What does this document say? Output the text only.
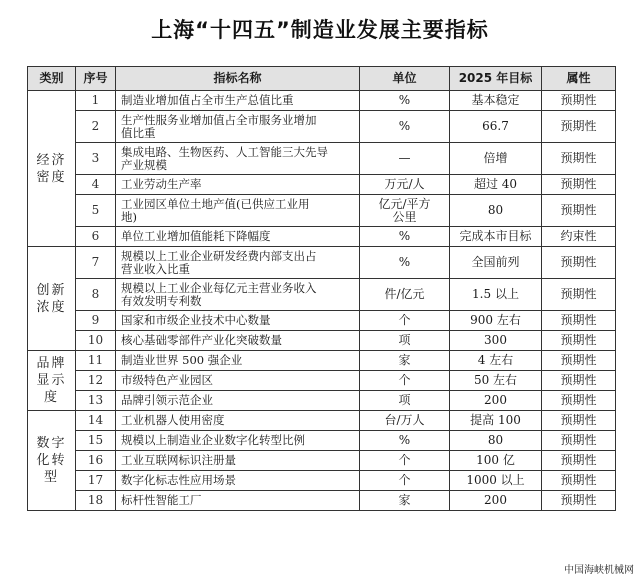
上海“十四五”制造业发展主要指标
类别	序号	指标名称	单位	2025 年目标	属性
经济
密度	1	制造业增加值占全市生产总值比重	%	基本稳定	预期性
	2	生产性服务业增加值占全市服务业增加
值比重	%	66.7	预期性
	3	集成电路、生物医药、人工智能三大先导
产业规模	—	倍增	预期性
	4	工业劳动生产率	万元/人	超过 40	预期性
	5	工业园区单位土地产值(已供应工业用
地)	亿元/平方
公里	80	预期性
	6	单位工业增加值能耗下降幅度	%	完成本市目标	约束性
创新
浓度	7	规模以上工业企业研发经费内部支出占
营业收入比重	%	全国前列	预期性
	8	规模以上工业企业每亿元主营业务收入
有效发明专利数	件/亿元	1.5 以上	预期性
	9	国家和市级企业技术中心数量	个	900 左右	预期性
	10	核心基础零部件产业化突破数量	项	300	预期性
品牌
显示
度	11	制造业世界 500 强企业	家	4 左右	预期性
	12	市级特色产业园区	个	50 左右	预期性
	13	品牌引领示范企业	项	200	预期性
数字
化转
型	14	工业机器人使用密度	台/万人	提高 100	预期性
	15	规模以上制造业企业数字化转型比例	%	80	预期性
	16	工业互联网标识注册量	个	100 亿	预期性
	17	数字化标志性应用场景	个	1000 以上	预期性
	18	标杆性智能工厂	家	200	预期性
中国海峡机械网
